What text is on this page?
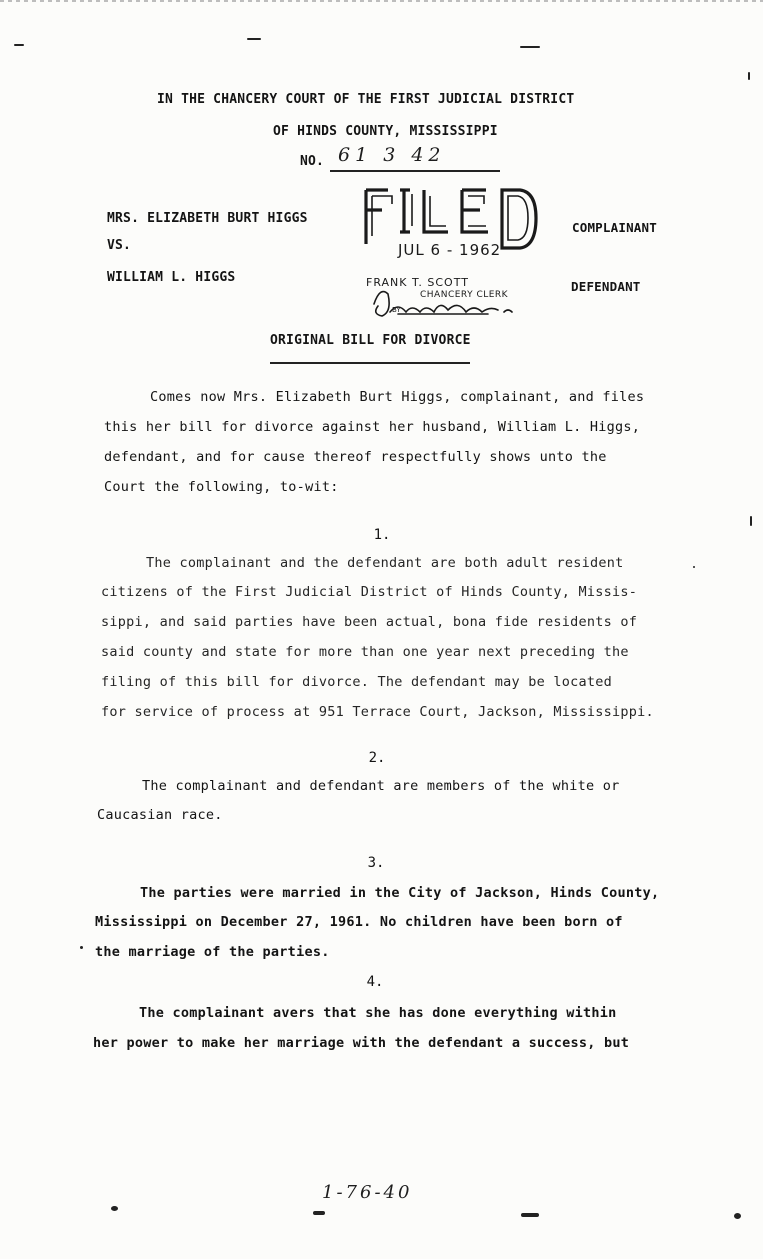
IN THE CHANCERY COURT OF THE FIRST JUDICIAL DISTRICT
OF HINDS COUNTY, MISSISSIPPI
NO. 61 3 42
MRS. ELIZABETH BURT HIGGS
VS.
WILLIAM L. HIGGS
COMPLAINANT
DEFENDANT
JUL 6 - 1962
FRANK T. SCOTT
CHANCERY CLERK
BY
ORIGINAL BILL FOR DIVORCE
Comes now Mrs. Elizabeth Burt Higgs, complainant, and files
this her bill for divorce against her husband, William L. Higgs,
defendant, and for cause thereof respectfully shows unto the
Court the following, to-wit:
1.
The complainant and the defendant are both adult resident
citizens of the First Judicial District of Hinds County, Missis-
sippi, and said parties have been actual, bona fide residents of
said county and state for more than one year next preceding the
filing of this bill for divorce. The defendant may be located
for service of process at 951 Terrace Court, Jackson, Mississippi.
2.
The complainant and defendant are members of the white or
Caucasian race.
3.
The parties were married in the City of Jackson, Hinds County,
Mississippi on December 27, 1961. No children have been born of
the marriage of the parties.
4.
The complainant avers that she has done everything within
her power to make her marriage with the defendant a success, but
1-76-40
